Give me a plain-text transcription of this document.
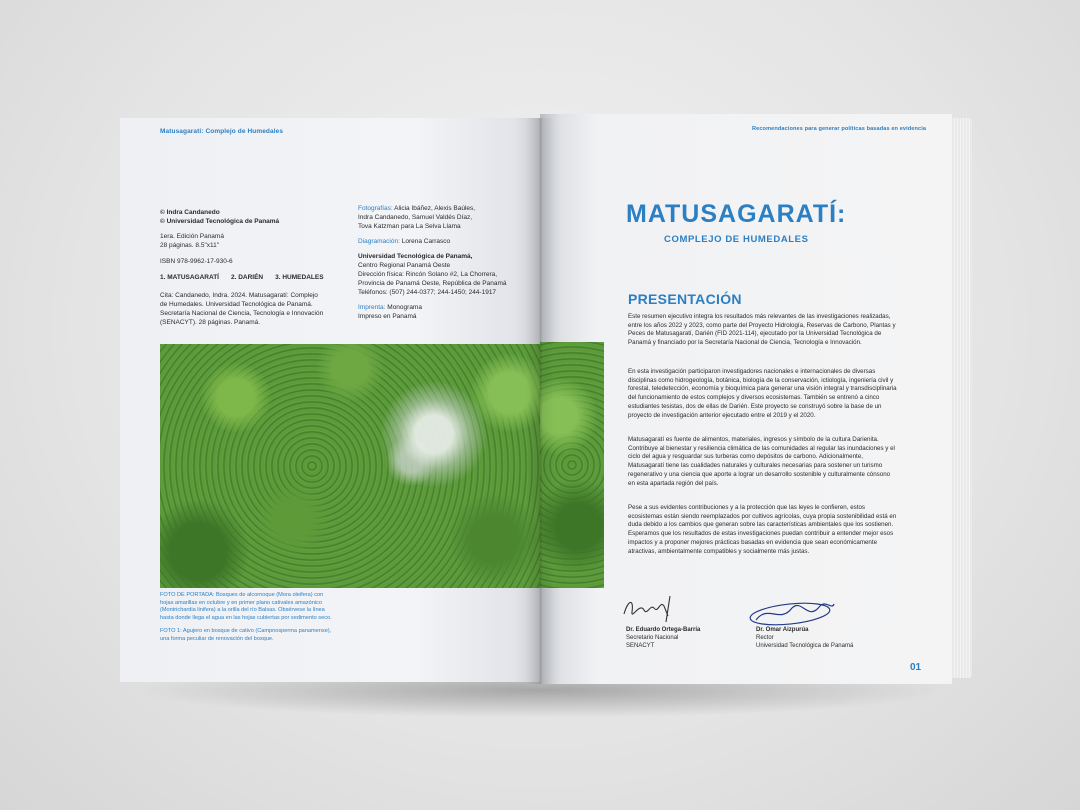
Matusagaratí: Complejo de Humedales
© Indra Candanedo
© Universidad Tecnológica de Panamá
1era. Edición Panamá
28 páginas. 8.5"x11"
ISBN 978-9962-17-930-6
1. MATUSAGARATÍ 2. DARIÉN 3. HUMEDALES
Cita: Candanedo, Indra. 2024. Matusagaratí: Complejo
de Humedales. Universidad Tecnológica de Panamá.
Secretaría Nacional de Ciencia, Tecnología e Innovación
(SENACYT). 28 páginas. Panamá.
Fotografías: Alicia Ibáñez, Alexis Baúles,
Indra Candanedo, Samuel Valdés Díaz,
Tova Katzman para La Selva Llama
Diagramación: Lorena Carrasco
Universidad Tecnológica de Panamá,
Centro Regional Panamá Oeste
Dirección física: Rincón Solano #2, La Chorrera,
Provincia de Panamá Oeste, República de Panamá
Teléfonos: (507) 244-0377; 244-1450; 244-1917
Imprenta: Monograma
Impreso en Panamá
FOTO DE PORTADA: Bosques de alcornoque (Mora oleifera) con
hojas amarillas en octubre y en primer plano cativales amazónico
(Montrichardia linifera) a la orilla del río Balsas. Obsérvese la línea
hasta donde llega el agua en las hojas cubiertas por sedimento seco.
FOTO 1: Agujero en bosque de cativo (Campnosperma panamense),
una forma peculiar de renovación del bosque.
Recomendaciones para generar políticas basadas en evidencia
MATUSAGARATÍ:
COMPLEJO DE HUMEDALES
PRESENTACIÓN
Este resumen ejecutivo integra los resultados más relevantes de las investigaciones realizadas, entre los años 2022 y 2023, como parte del Proyecto Hidrología, Reservas de Carbono, Plantas y Peces de Matusagaratí, Darién (FID 2021-114), ejecutado por la Universidad Tecnológica de Panamá y financiado por la Secretaría Nacional de Ciencia, Tecnología e Innovación.
En esta investigación participaron investigadores nacionales e internacionales de diversas disciplinas como hidrogeología, botánica, biología de la conservación, ictiología, ingeniería civil y forestal, teledetección, economía y bioquímica para generar una visión integral y transdisciplinaria del funcionamiento de estos complejos y diversos ecosistemas. También se entrenó a cinco estudiantes tesistas, dos de ellas de Darién. Este proyecto se construyó sobre la base de un proyecto de investigación anterior ejecutado entre el 2019 y el 2020.
Matusagaratí es fuente de alimentos, materiales, ingresos y símbolo de la cultura Darienita. Contribuye al bienestar y resiliencia climática de las comunidades al regular las inundaciones y el ciclo del agua y resguardar sus turberas como depósitos de carbono. Adicionalmente, Matusagaratí tiene las cualidades naturales y culturales necesarias para sostener un turismo regenerativo y una ciencia que aporte a lograr un desarrollo sostenible y culturalmente cónsono en esta apartada región del país.
Pese a sus evidentes contribuciones y a la protección que las leyes le confieren, estos ecosistemas están siendo reemplazados por cultivos agrícolas, cuya propia sostenibilidad está en duda debido a los cambios que generan sobre las características ambientales que los sostienen. Esperamos que los resultados de estas investigaciones puedan contribuir a entender mejor esos impactos y a proponer mejores prácticas basadas en evidencia que sean económicamente atractivas, ambientalmente compatibles y socialmente más justas.
Dr. Eduardo Ortega-Barría
Secretario Nacional
SENACYT
Dr. Omar Aizpurúa
Rector
Universidad Tecnológica de Panamá
01
